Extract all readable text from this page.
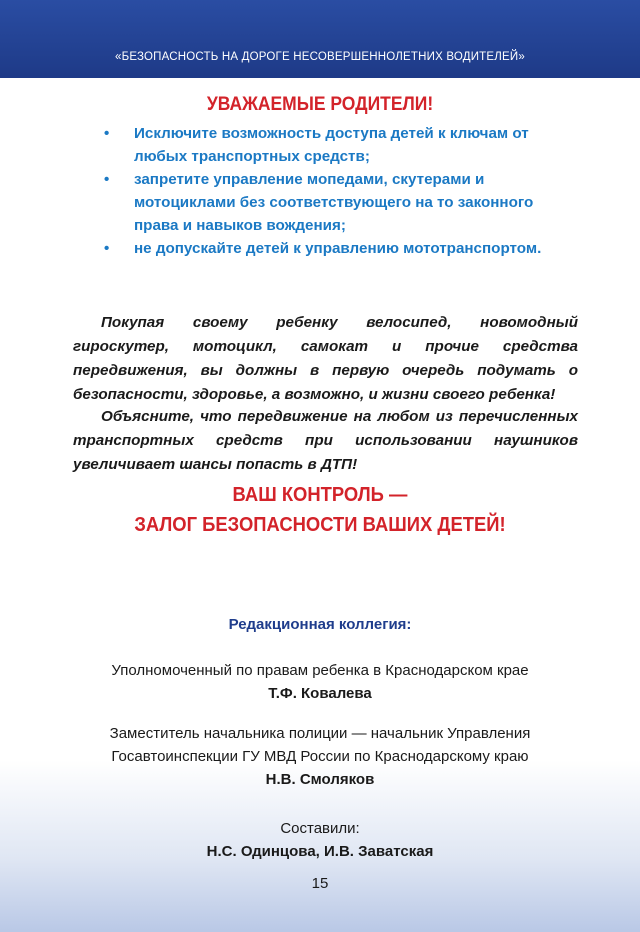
«БЕЗОПАСНОСТЬ НА ДОРОГЕ НЕСОВЕРШЕННОЛЕТНИХ ВОДИТЕЛЕЙ»
УВАЖАЕМЫЕ РОДИТЕЛИ!
• Исключите возможность доступа детей к ключам от любых транспортных средств;
• запретите управление мопедами, скутерами и мотоциклами без соответствующего на то законного права и навыков вождения;
• не допускайте детей к управлению мототранспортом.

Покупая своему ребенку велосипед, новомодный гироскутер, мотоцикл, самокат и прочие средства передвижения, вы должны в первую очередь подумать о безопасности, здоровье, а возможно, и жизни своего ребенка!

Объясните, что передвижение на любом из перечисленных транспортных средств при использовании наушников увеличивает шансы попасть в ДТП!

ВАШ КОНТРОЛЬ —
ЗАЛОГ БЕЗОПАСНОСТИ ВАШИХ ДЕТЕЙ!
Редакционная коллегия:
Уполномоченный по правам ребенка в Краснодарском крае
Т.Ф. Ковалева
Заместитель начальника полиции — начальник Управления
Госавтоинспекции ГУ МВД России по Краснодарскому краю
Н.В. Смоляков
Составили:
Н.С. Одинцова, И.В. Заватская
15
